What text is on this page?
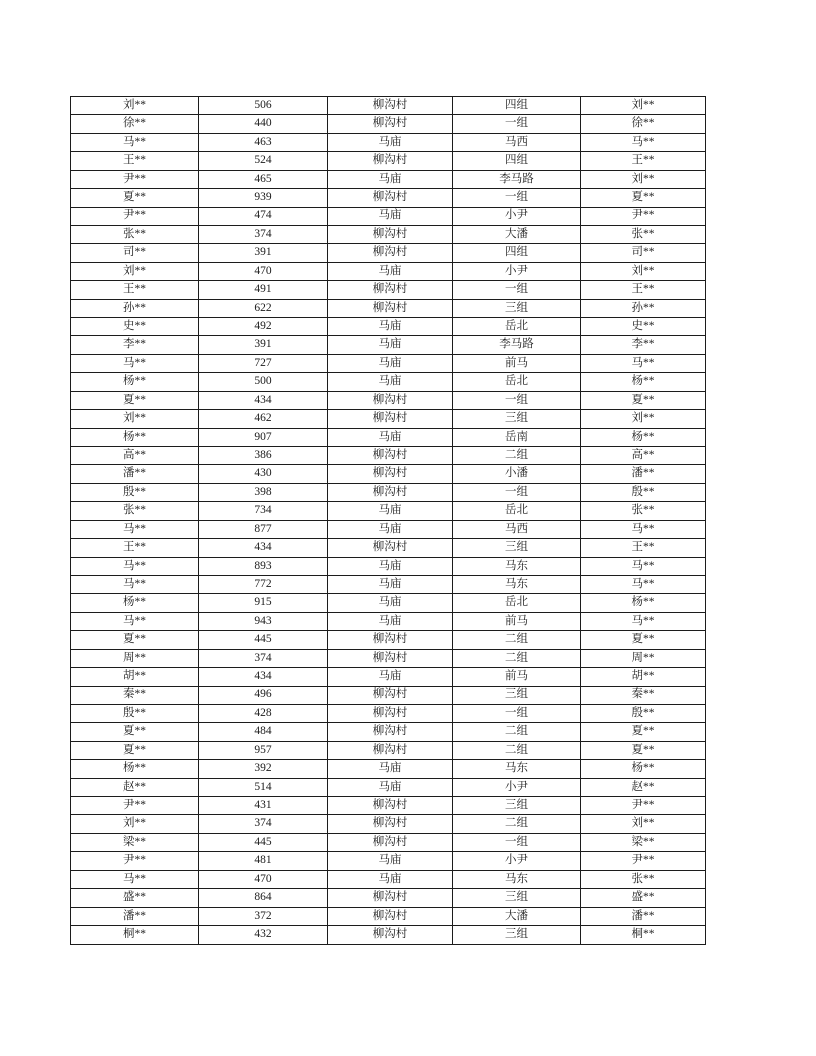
刘**	506	柳沟村	四组	刘**
徐**	440	柳沟村	一组	徐**
马**	463	马庙	马西	马**
王**	524	柳沟村	四组	王**
尹**	465	马庙	李马路	刘**
夏**	939	柳沟村	一组	夏**
尹**	474	马庙	小尹	尹**
张**	374	柳沟村	大潘	张**
司**	391	柳沟村	四组	司**
刘**	470	马庙	小尹	刘**
王**	491	柳沟村	一组	王**
孙**	622	柳沟村	三组	孙**
史**	492	马庙	岳北	史**
李**	391	马庙	李马路	李**
马**	727	马庙	前马	马**
杨**	500	马庙	岳北	杨**
夏**	434	柳沟村	一组	夏**
刘**	462	柳沟村	三组	刘**
杨**	907	马庙	岳南	杨**
高**	386	柳沟村	二组	高**
潘**	430	柳沟村	小潘	潘**
殷**	398	柳沟村	一组	殷**
张**	734	马庙	岳北	张**
马**	877	马庙	马西	马**
王**	434	柳沟村	三组	王**
马**	893	马庙	马东	马**
马**	772	马庙	马东	马**
杨**	915	马庙	岳北	杨**
马**	943	马庙	前马	马**
夏**	445	柳沟村	二组	夏**
周**	374	柳沟村	二组	周**
胡**	434	马庙	前马	胡**
秦**	496	柳沟村	三组	秦**
殷**	428	柳沟村	一组	殷**
夏**	484	柳沟村	二组	夏**
夏**	957	柳沟村	二组	夏**
杨**	392	马庙	马东	杨**
赵**	514	马庙	小尹	赵**
尹**	431	柳沟村	三组	尹**
刘**	374	柳沟村	二组	刘**
梁**	445	柳沟村	一组	梁**
尹**	481	马庙	小尹	尹**
马**	470	马庙	马东	张**
盛**	864	柳沟村	三组	盛**
潘**	372	柳沟村	大潘	潘**
桐**	432	柳沟村	三组	桐**
